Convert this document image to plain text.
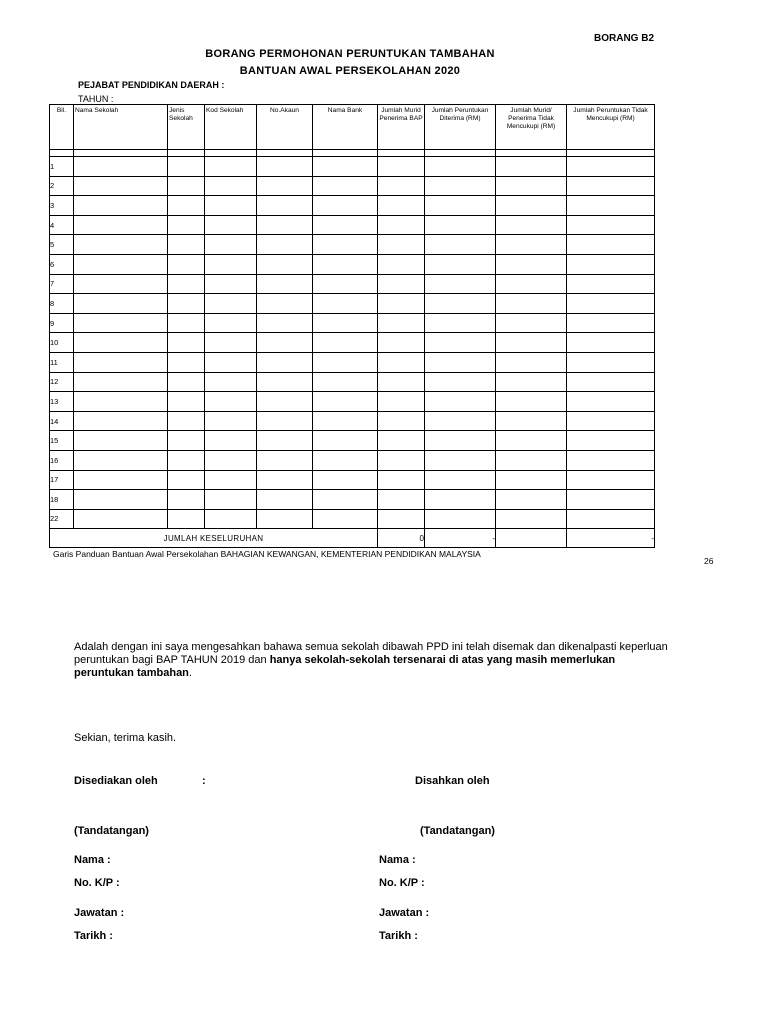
BORANG B2
BORANG PERMOHONAN PERUNTUKAN TAMBAHAN
BANTUAN AWAL PERSEKOLAHAN 2020
PEJABAT PENDIDIKAN DAERAH :
TAHUN :
Bil.	Nama Sekolah	Jenis Sekolah	Kod Sekolah	No.Akaun	Nama Bank	Jumlah Murid Penerima BAP	Jumlah Peruntukan Diterima (RM)	Jumlah Murid/ Penerima Tidak Mencukupi (RM)	Jumlah Peruntukan Tidak Mencukupi (RM)

1									
2									
3									
4									
5									
6									
7									
8									
9									
10									
11									
12									
13									
14									
15									
16									
17									
18									
22									
JUMLAH KESELURUHAN						0	-		-
Garis Panduan Bantuan Awal Persekolahan BAHAGIAN KEWANGAN, KEMENTERIAN PENDIDIKAN MALAYSIA
26
Adalah dengan ini saya mengesahkan bahawa semua sekolah dibawah PPD ini telah disemak dan dikenalpasti keperluan peruntukan bagi BAP TAHUN 2019 dan hanya sekolah-sekolah tersenarai di atas yang masih memerlukan peruntukan tambahan.
Sekian, terima kasih.
Disediakan oleh	:	Disahkan oleh
(Tandatangan)	(Tandatangan)
Nama :	Nama :
No. K/P :	No. K/P :
Jawatan :	Jawatan :
Tarikh :	Tarikh :
